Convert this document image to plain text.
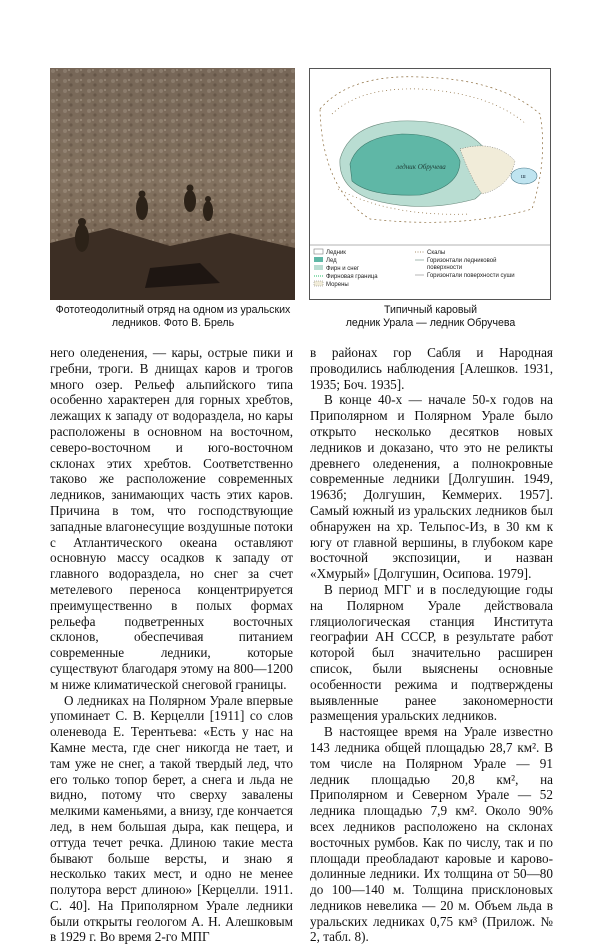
ледник Обручева
ш
Ледник
Лед
Фирн и снег
Фирновая граница
Морены
Скалы
Горизонтали ледниковой
поверхности
Горизонтали поверхности суши
Фототеодолитный отряд на одном из уральских ледников. Фото В. Брель
Типичный каровый
ледник Урала — ледник Обручева

него оледенения, — кары, острые пики и гребни, троги. В днищах каров и трогов много озер. Рельеф альпийского типа особенно характерен для горных хребтов, лежащих к западу от водораздела, но кары расположены в основном на восточном, северо-восточном и юго-восточном склонах этих хребтов. Соответственно таково же расположение современных ледников, занимающих часть этих каров. Причина в том, что господствующие западные влагонесущие воздушные потоки с Атлантического океана оставляют основную массу осадков к западу от главного водораздела, но снег за счет метелевого переноса концентрируется преимущественно в полых формах рельефа подветренных восточных склонов, обеспечивая питанием современные ледники, которые существуют благодаря этому на 800—1200 м ниже климатической снеговой границы.

О ледниках на Полярном Урале впервые упоминает С. В. Керцелли [1911] со слов оленевода Е. Терентьева: «Есть у нас на Камне места, где снег никогда не тает, и там уже не снег, а такой твердый лед, что его только топор берет, а снега и льда не видно, потому что сверху завалены мелкими каменьями, а внизу, где кончается лед, в нем большая дыра, как пещера, и оттуда течет речка. Длиною такие места бывают больше версты, и знаю я несколько таких мест, и одно не менее полутора верст длиною» [Керцелли. 1911. С. 40]. На Приполярном Урале ледники были открыты геологом А. Н. Алешковым в 1929 г. Во время 2-го МПГ

в районах гор Сабля и Народная проводились наблюдения [Алешков. 1931, 1935; Боч. 1935].

В конце 40-х — начале 50-х годов на Приполярном и Полярном Урале было открыто несколько десятков новых ледников и доказано, что это не реликты древнего оледенения, а полнокровные современные ледники [Долгушин. 1949, 1963б; Долгушин, Кеммерих. 1957]. Самый южный из уральских ледников был обнаружен на хр. Тельпос-Из, в 30 км к югу от главной вершины, в глубоком каре восточной экспозиции, и назван «Хмурый» [Долгушин, Осипова. 1979].

В период МГГ и в последующие годы на Полярном Урале действовала гляциологическая станция Института географии АН СССР, в результате работ которой был значительно расширен список, были выяснены основные особенности режима и подтверждены выявленные ранее закономерности размещения уральских ледников.

В настоящее время на Урале известно 143 ледника общей площадью 28,7 км². В том числе на Полярном Урале — 91 ледник площадью 20,8 км², на Приполярном и Северном Урале — 52 ледника площадью 7,9 км². Около 90% всех ледников расположено на склонах восточных румбов. Как по числу, так и по площади преобладают каровые и карово-долинные ледники. Их толщина от 50—80 до 100—140 м. Толщина присклоновых ледников невелика — 20 м. Объем льда в уральских ледниках 0,75 км³ (Прилож. № 2, табл. 8).
